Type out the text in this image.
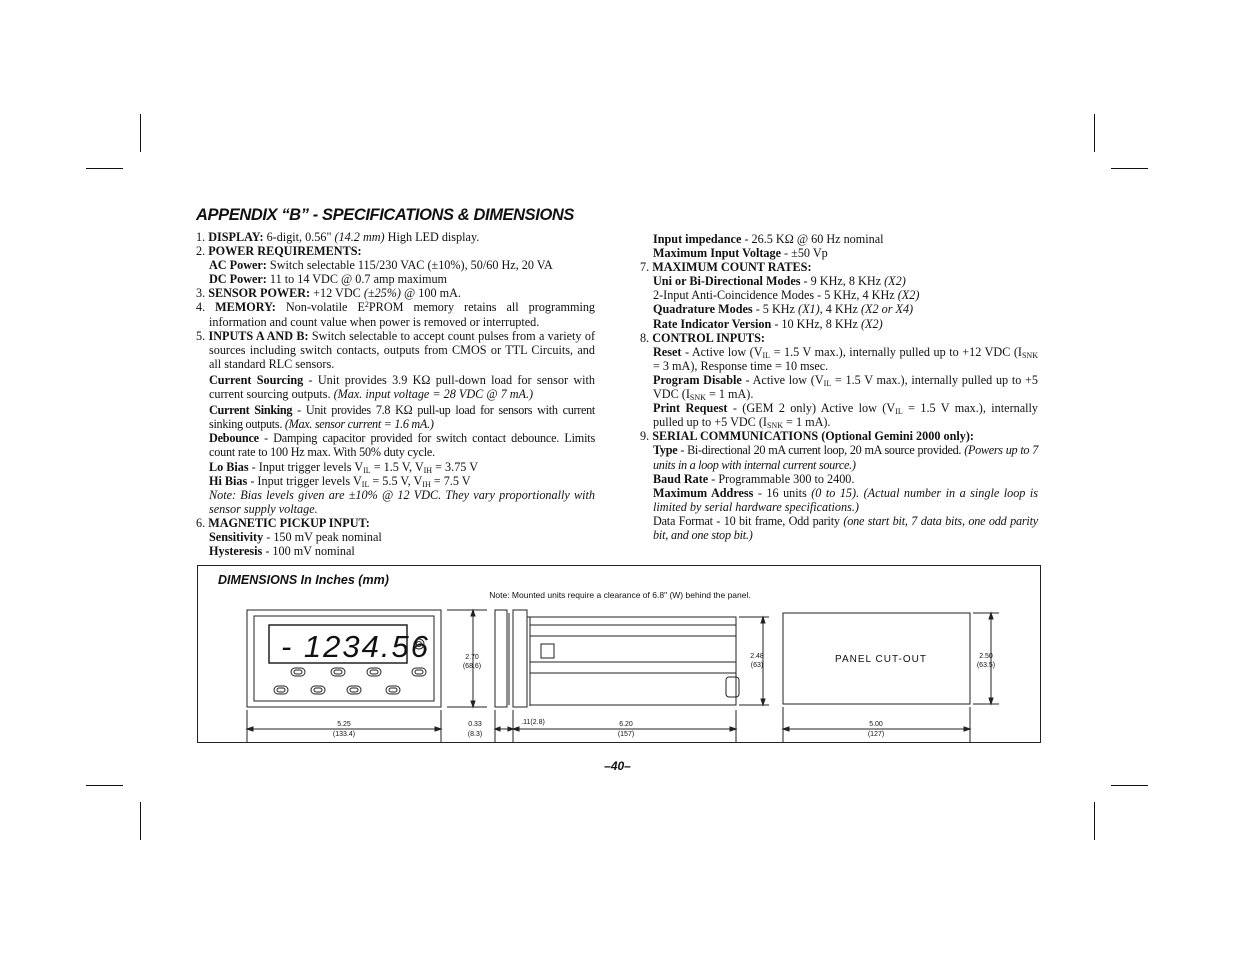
APPENDIX “B” - SPECIFICATIONS & DIMENSIONS

1. DISPLAY: 6-digit, 0.56" (14.2 mm) High LED display.

2. POWER REQUIREMENTS:

AC Power: Switch selectable 115/230 VAC (±10%), 50/60 Hz, 20 VA

DC Power: 11 to 14 VDC @ 0.7 amp maximum

3. SENSOR POWER: +12 VDC (±25%) @ 100 mA.

4. MEMORY: Non-volatile $E^2PROM$ memory retains all programming information and count value when power is removed or interrupted.

5. INPUTS A AND B: Switch selectable to accept count pulses from a variety of sources including switch contacts, outputs from CMOS or TTL Circuits, and all standard RLC sensors.

Current Sourcing - Unit provides 3.9 KΩ pull-down load for sensor with current sourcing outputs. (Max. input voltage = 28 VDC @ 7 mA.)

Current Sinking - Unit provides 7.8 KΩ pull-up load for sensors with current sinking outputs. (Max. sensor current = 1.6 mA.)

Debounce - Damping capacitor provided for switch contact debounce. Limits count rate to 100 Hz max. With 50% duty cycle.

Lo Bias - Input trigger levels $V_{IL} = 1.5$ V, $V_{IH} = 3.75$ V

Hi Bias - Input trigger levels $V_{IL} = 5.5$ V, $V_{IH} = 7.5$ V

Note: Bias levels given are ±10% @ 12 VDC. They vary proportionally with sensor supply voltage.

6. MAGNETIC PICKUP INPUT:

Sensitivity - 150 mV peak nominal

Hysteresis - 100 mV nominal

Input impedance - 26.5 KΩ @ 60 Hz nominal

Maximum Input Voltage - ±50 Vp

7. MAXIMUM COUNT RATES:

Uni or Bi-Directional Modes - 9 KHz, 8 KHz (X2)

2-Input Anti-Coincidence Modes - 5 KHz, 4 KHz (X2)

Quadrature Modes - 5 KHz (X1), 4 KHz (X2 or X4)

Rate Indicator Version - 10 KHz, 8 KHz (X2)

8. CONTROL INPUTS:

Reset - Active low ($V_{IL} = 1.5$ V max.), internally pulled up to +12 VDC ($I_{SNK} = 3$ mA), Response time = 10 msec.

Program Disable - Active low ($V_{IL} = 1.5$ V max.), internally pulled up to +5 VDC ($I_{SNK} = 1$ mA).

Print Request - (GEM 2 only) Active low ($V_{IL} = 1.5$ V max.), internally pulled up to +5 VDC ($I_{SNK} = 1$ mA).

9. SERIAL COMMUNICATIONS (Optional Gemini 2000 only):

Type - Bi-directional 20 mA current loop, 20 mA source provided. (Powers up to 7 units in a loop with internal current source.)

Baud Rate - Programmable 300 to 2400.

Maximum Address - 16 units (0 to 15). (Actual number in a single loop is limited by serial hardware specifications.)

Data Format - 10 bit frame, Odd parity (one start bit, 7 data bits, one odd parity bit, and one stop bit.)

DIMENSIONS In Inches (mm)
Note: Mounted units require a clearance of 6.8" (W) behind the panel.
- 1234.56
5.25
(133.4)
2.70
(68.6)
2.48
(63)
0.33
(8.3)
.11(2.8)	6.20
(157)
PANEL CUT-OUT	2.50
(63.5)
5.00
(127)
–40–
